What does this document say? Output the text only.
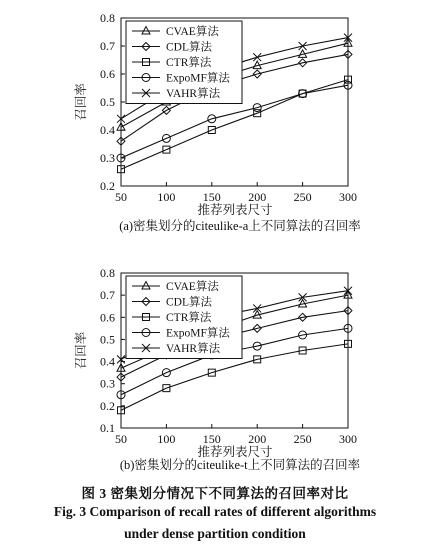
0.2
0.3
0.4
0.5
0.6
0.7
0.8
50	100 150 200 250 300
推荐列表尺寸
召回率
(a)密集划分的citeulike-a上不同算法的召回率
CVAE算法
CDL算法
CTR算法
ExpoMF算法
VAHR算法
0.1
0.2
0.3
0.4
0.5
0.6
0.7
0.8
50	100 150 200 250 300
推荐列表尺寸
召回率
(b)密集划分的citeulike-t上不同算法的召回率
CVAE算法
CDL算法
CTR算法
ExpoMF算法
VAHR算法
图 3 密集划分情况下不同算法的召回率对比
Fig. 3 Comparison of recall rates of different algorithms
under dense partition condition
